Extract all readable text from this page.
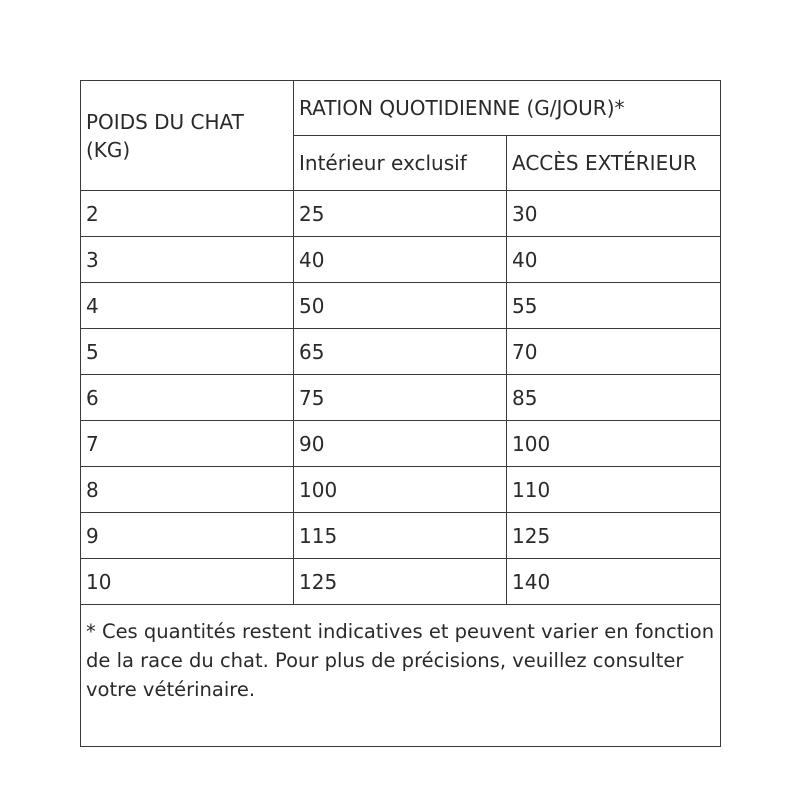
POIDS DU CHAT (KG)	RATION QUOTIDIENNE (G/JOUR)*	
	Intérieur exclusif	ACCÈS EXTÉRIEUR
2	25	30
3	40	40
4	50	55
5	65	70
6	75	85
7	90	100
8	100	110
9	115	125
10	125	140
* Ces quantités restent indicatives et peuvent varier en fonction de la race du chat. Pour plus de précisions, veuillez consulter votre vétérinaire.		
